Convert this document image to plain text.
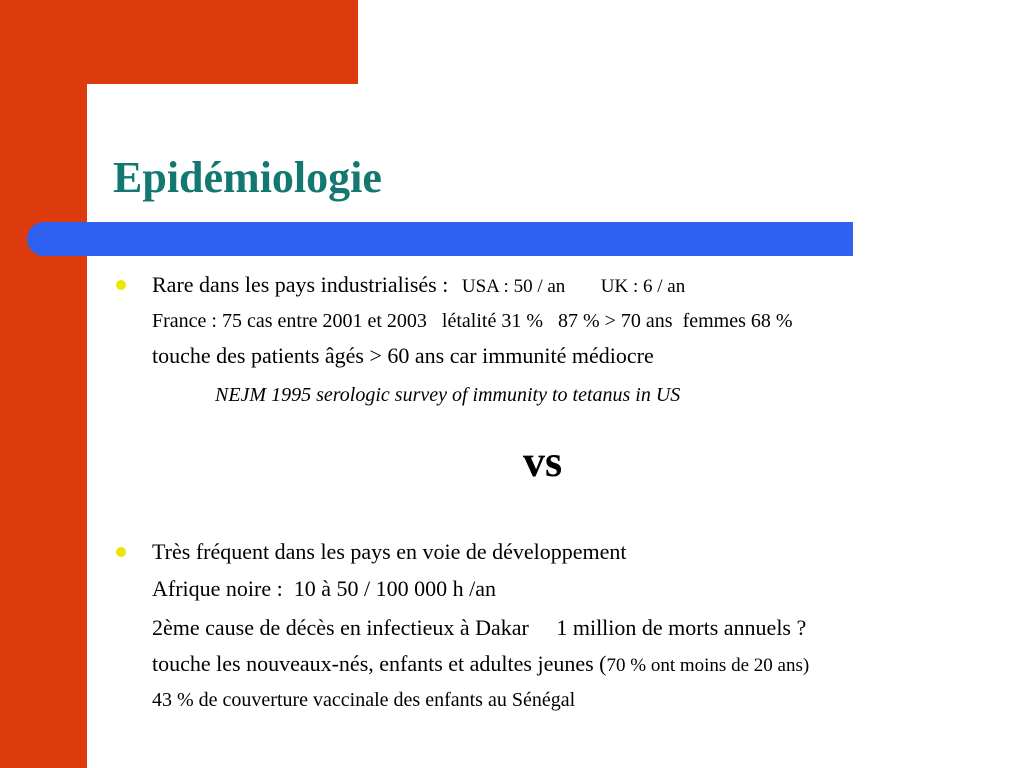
Epidémiologie

Rare dans les pays industrialisés : USA : 50 / an UK : 6 / an

France : 75 cas entre 2001 et 2003   létalité 31 %   87 % > 70 ans  femmes 68 %

touche des patients âgés > 60 ans car immunité médiocre

NEJM 1995 serologic survey of immunity to tetanus in US

vs

Très fréquent dans les pays en voie de développement

Afrique noire :  10 à 50 / 100 000 h /an

2ème cause de décès en infectieux à Dakar     1 million de morts annuels ?

touche les nouveaux-nés, enfants et adultes jeunes (70 % ont moins de 20 ans)

43 % de couverture vaccinale des enfants au Sénégal
